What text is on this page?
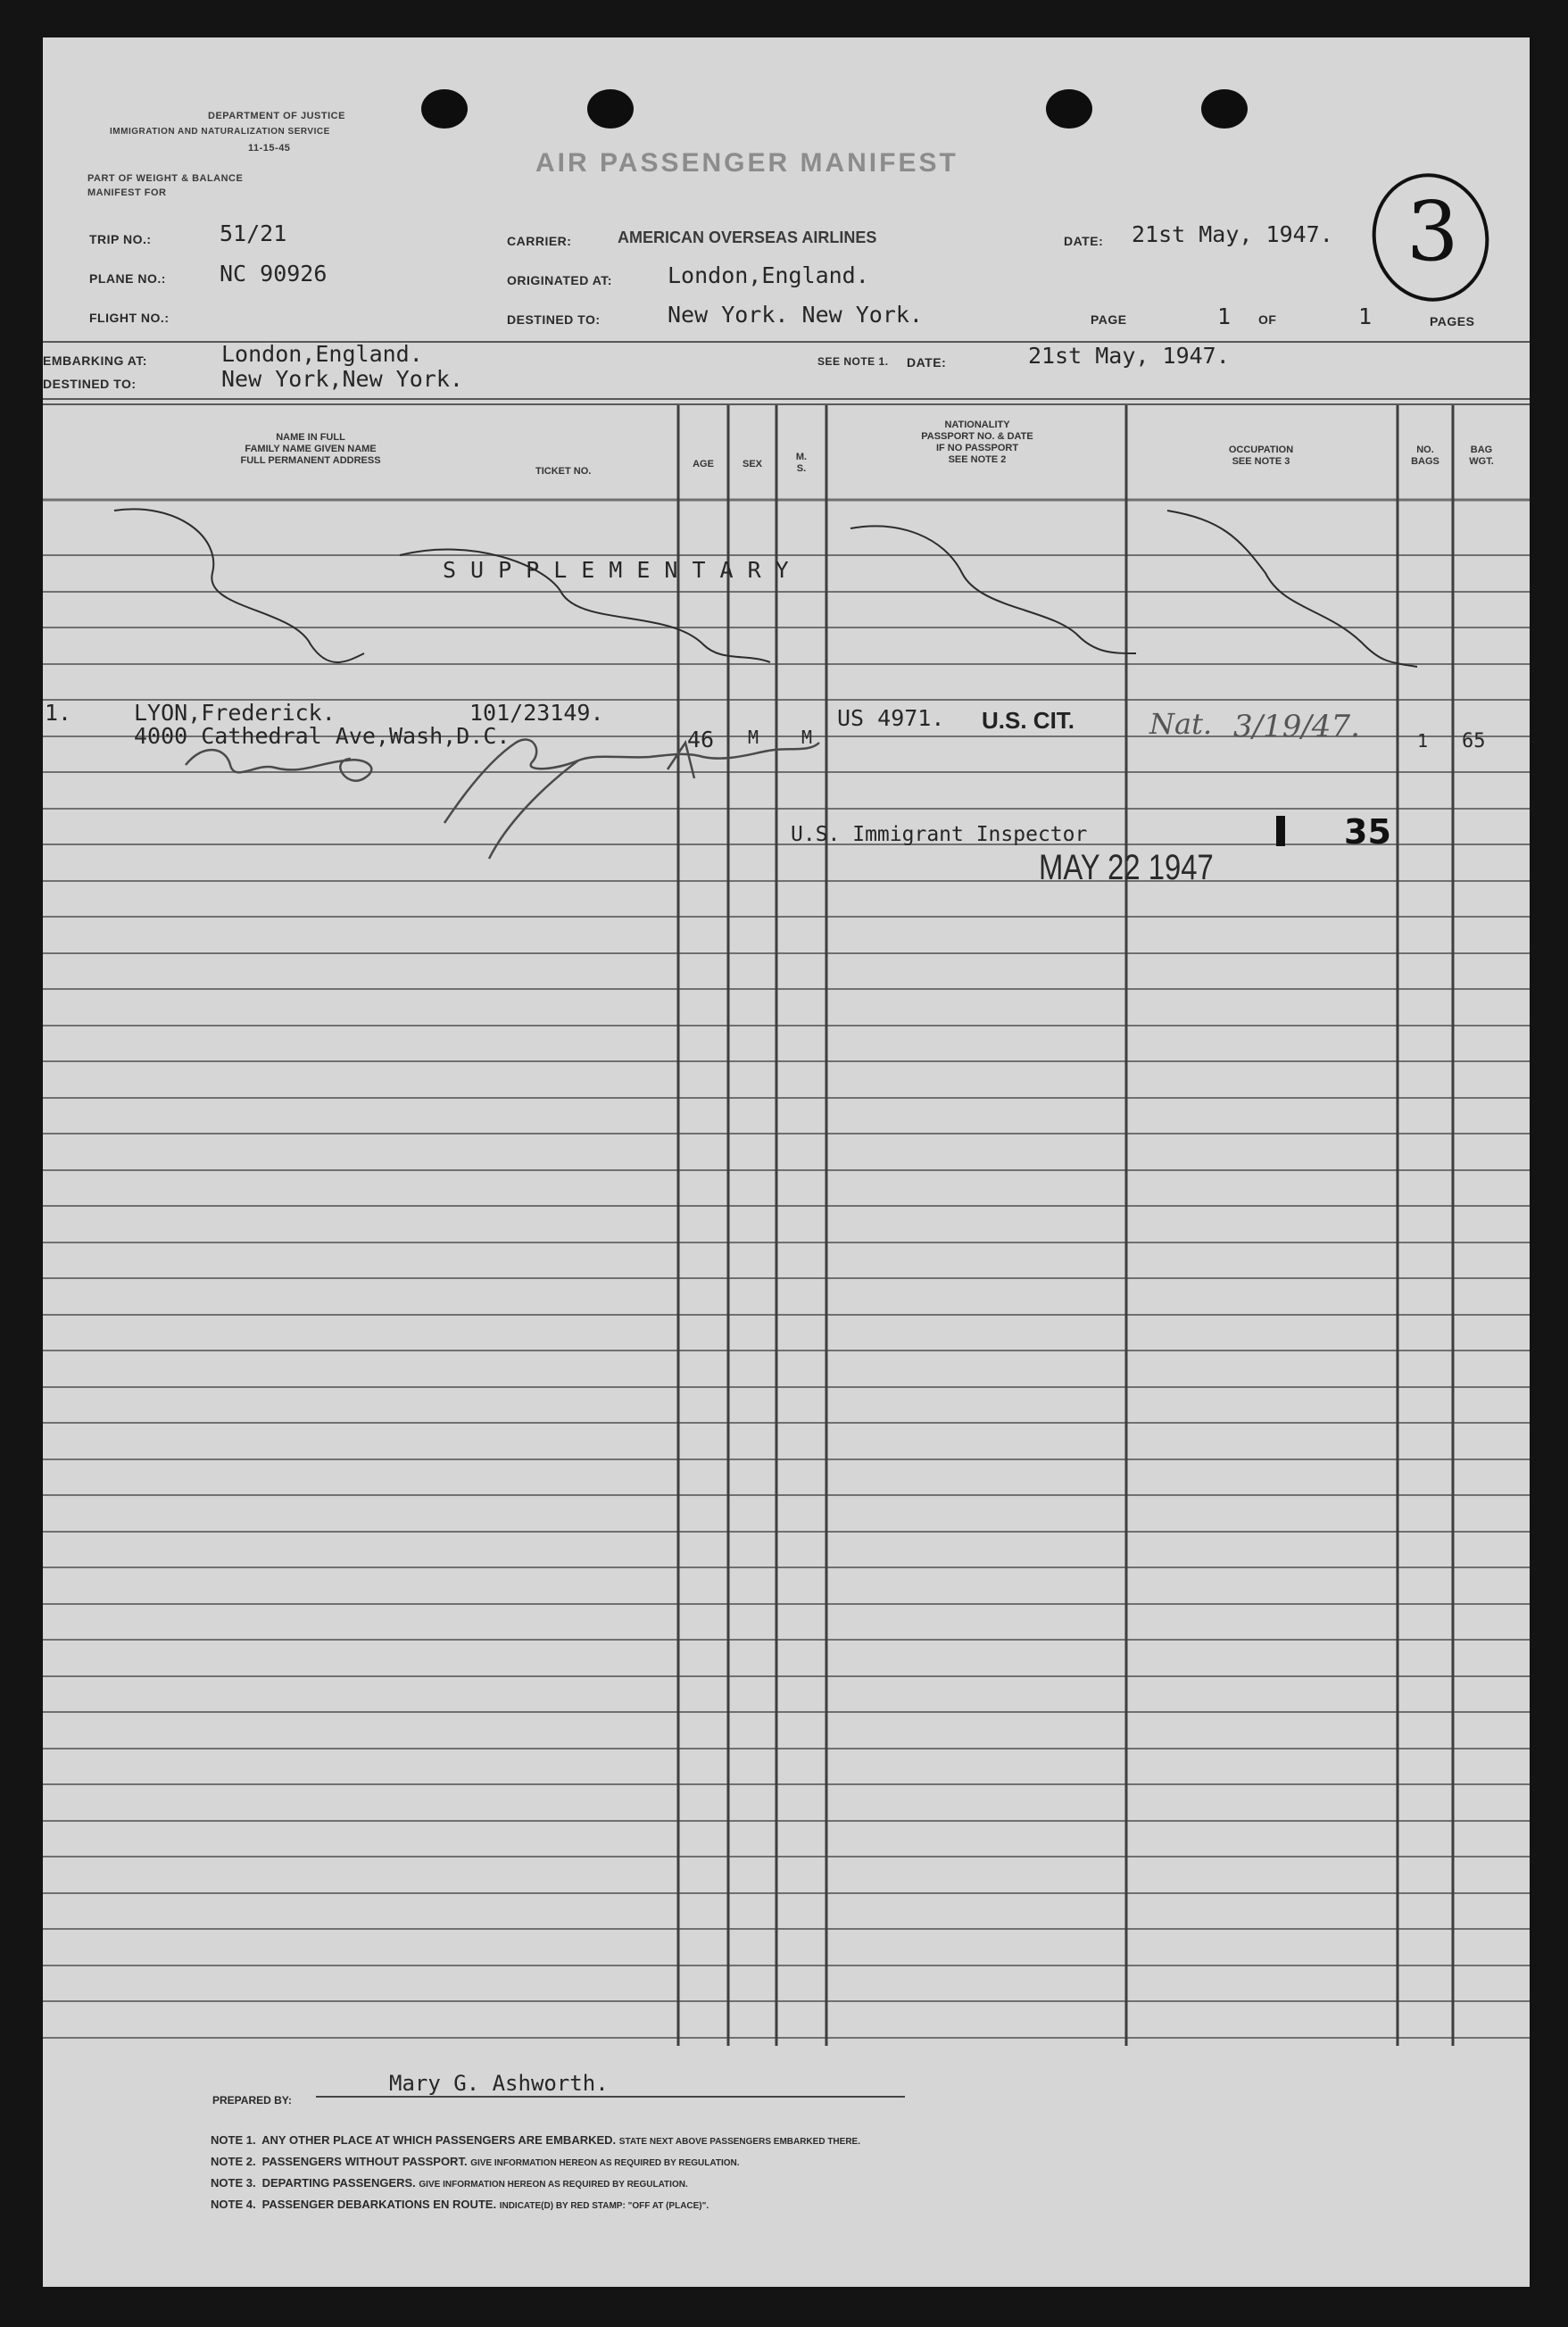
DEPARTMENT OF JUSTICE
IMMIGRATION AND NATURALIZATION SERVICE
11-15-45
PART OF WEIGHT & BALANCE
MANIFEST FOR
AIR PASSENGER MANIFEST
TRIP NO.:	51/21
PLANE NO.: NC 90926
FLIGHT NO.:
CARRIER:	AMERICAN OVERSEAS AIRLINES
ORIGINATED AT: London,England.
DESTINED TO:	New York. New York.
DATE: 21st May, 1947.
PAGE	1 OF	1	PAGES
3
EMBARKING AT:	London,England.
DESTINED TO:	New York,New York.
SEE NOTE 1. DATE:	21st May, 1947.
NAME IN FULL
FAMILY NAME GIVEN NAME
FULL PERMANENT ADDRESS
TICKET NO.
AGE	SEX
M.
S.
NATIONALITY
PASSPORT NO. & DATE
IF NO PASSPORT
SEE NOTE 2
OCCUPATION
SEE NOTE 3
NO.
BAGS
BAG
WGT.
SUPPLEMENTARY
1.	LYON,Frederick.	101/23149.
4000 Cathedral Ave,Wash,D.C.	46 M M
US 4971. U.S. CIT.	Nat. 3/19/47.	1 65
U.S. Immigrant Inspector	35
MAY 22 1947
PREPARED BY:
Mary G. Ashworth.
NOTE 1. ANY OTHER PLACE AT WHICH PASSENGERS ARE EMBARKED. STATE NEXT ABOVE PASSENGERS EMBARKED THERE.
NOTE 2. PASSENGERS WITHOUT PASSPORT. GIVE INFORMATION HEREON AS REQUIRED BY REGULATION.
NOTE 3. DEPARTING PASSENGERS. GIVE INFORMATION HEREON AS REQUIRED BY REGULATION.
NOTE 4. PASSENGER DEBARKATIONS EN ROUTE. INDICATE(D) BY RED STAMP: "OFF AT (PLACE)".
